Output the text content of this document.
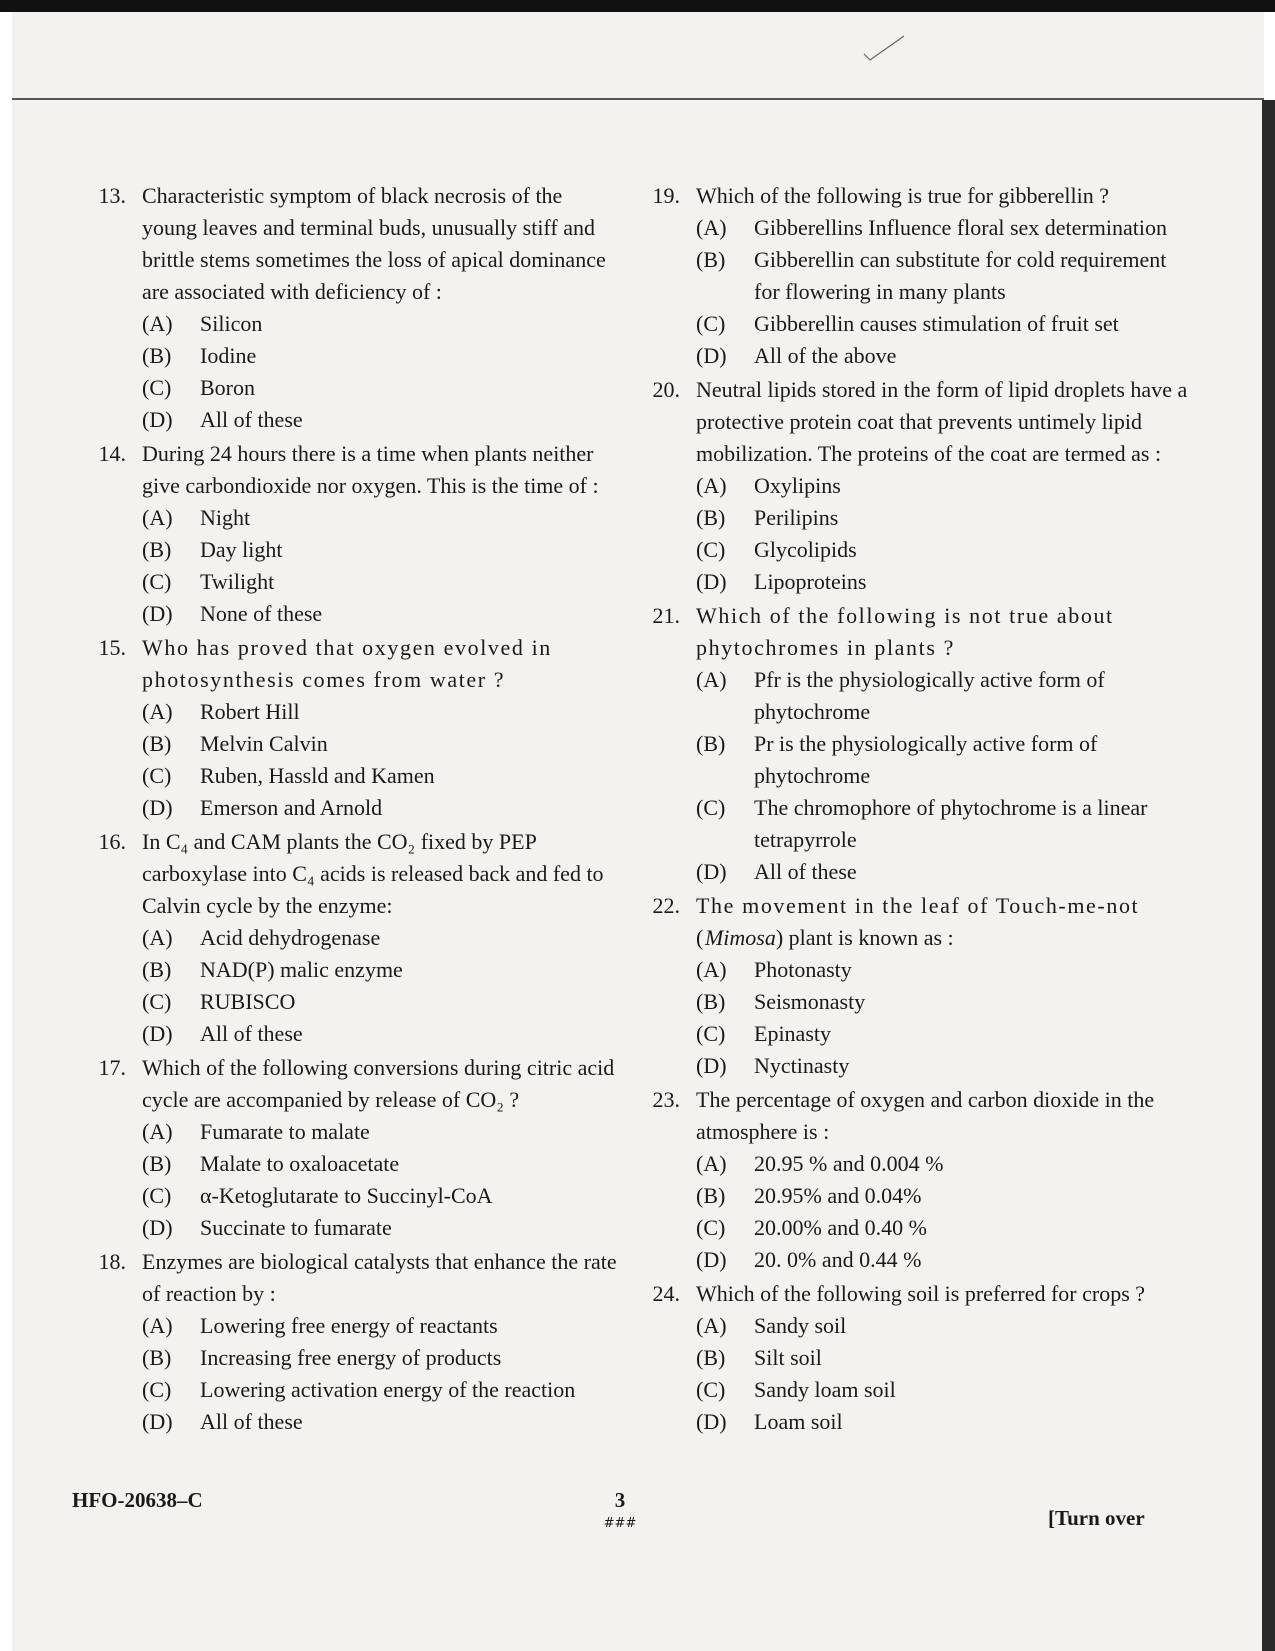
13. Characteristic symptom of black necrosis of the young leaves and terminal buds, unusually stiff and brittle stems sometimes the loss of apical dominance are associated with deficiency of :
(A) Silicon
(B) Iodine
(C) Boron
(D) All of these
14. During 24 hours there is a time when plants neither give carbondioxide nor oxygen. This is the time of :
(A) Night
(B) Day light
(C) Twilight
(D) None of these
15. Who has proved that oxygen evolved in photosynthesis comes from water ?
(A) Robert Hill
(B) Melvin Calvin
(C) Ruben, Hassld and Kamen
(D) Emerson and Arnold
16. In C₄ and CAM plants the CO₂ fixed by PEP carboxylase into C₄ acids is released back and fed to Calvin cycle by the enzyme:
(A) Acid dehydrogenase
(B) NAD(P) malic enzyme
(C) RUBISCO
(D) All of these
17. Which of the following conversions during citric acid cycle are accompanied by release of CO₂ ?
(A) Fumarate to malate
(B) Malate to oxaloacetate
(C) α-Ketoglutarate to Succinyl-CoA
(D) Succinate to fumarate
18. Enzymes are biological catalysts that enhance the rate of reaction by :
(A) Lowering free energy of reactants
(B) Increasing free energy of products
(C) Lowering activation energy of the reaction
(D) All of these
19. Which of the following is true for gibberellin ?
(A) Gibberellins Influence floral sex determination
(B) Gibberellin can substitute for cold requirement for flowering in many plants
(C) Gibberellin causes stimulation of fruit set
(D) All of the above
20. Neutral lipids stored in the form of lipid droplets have a protective protein coat that prevents untimely lipid mobilization. The proteins of the coat are termed as :
(A) Oxylipins
(B) Perilipins
(C) Glycolipids
(D) Lipoproteins
21. Which of the following is not true about phytochromes in plants ?
(A) Pfr is the physiologically active form of phytochrome
(B) Pr is the physiologically active form of phytochrome
(C) The chromophore of phytochrome is a linear tetrapyrrole
(D) All of these
22. The movement in the leaf of Touch-me-not (Mimosa) plant is known as :
(A) Photonasty
(B) Seismonasty
(C) Epinasty
(D) Nyctinasty
23. The percentage of oxygen and carbon dioxide in the atmosphere is :
(A) 20.95 % and 0.004 %
(B) 20.95% and 0.04%
(C) 20.00% and 0.40 %
(D) 20. 0% and 0.44 %
24. Which of the following soil is preferred for crops ?
(A) Sandy soil
(B) Silt soil
(C) Sandy loam soil
(D) Loam soil
HFO-20638–C	3
###	[Turn over
